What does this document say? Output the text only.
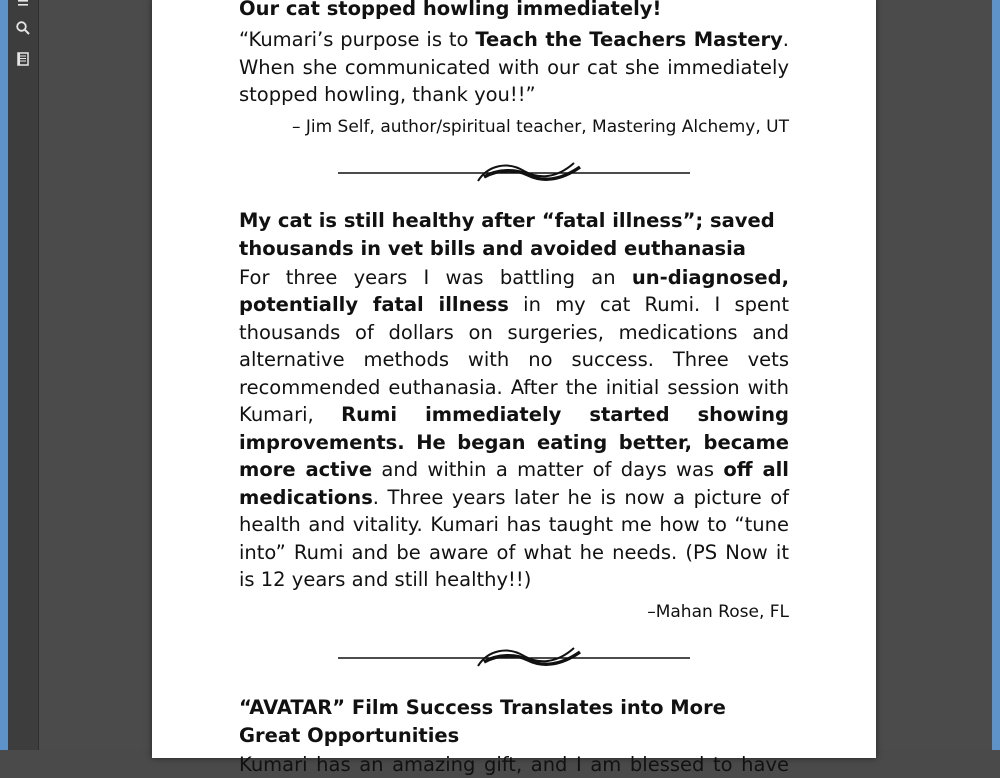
Our cat stopped howling immediately!

“Kumari’s purpose is to Teach the Teachers Mastery. When she communicated with our cat she immediately stopped howling, thank you!!”

– Jim Self, author/spiritual teacher, Mastering Alchemy, UT

My cat is still healthy after “fatal illness”; saved thousands in vet bills and avoided euthanasia

For three years I was battling an un-diagnosed, potentially fatal illness in my cat Rumi. I spent thousands of dollars on surgeries, medications and alternative methods with no success. Three vets recommended euthanasia. After the initial session with Kumari, Rumi immediately started showing improvements. He began eating better, became more active and within a matter of days was off all medications. Three years later he is now a picture of health and vitality. Kumari has taught me how to “tune into” Rumi and be aware of what he needs. (PS Now it is 12 years and still healthy!!)

–Mahan Rose, FL

“AVATAR” Film Success Translates into More Great Opportunities

Kumari has an amazing gift, and I am blessed to have
